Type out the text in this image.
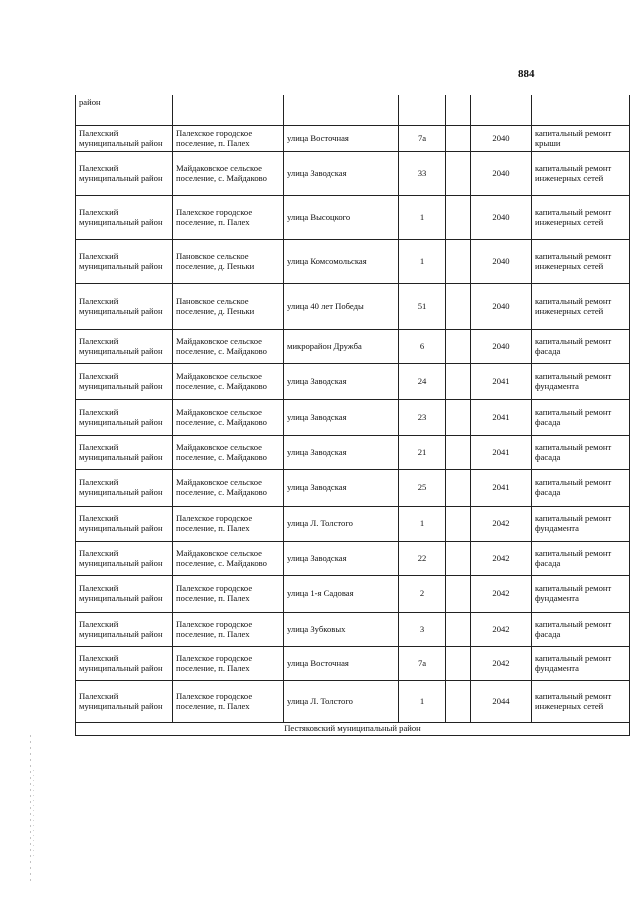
884
район						
Палехский муниципальный район	Палехское городское поселение, п. Палех	улица Восточная	7а		2040	капитальный ремонт крыши
Палехский муниципальный район	Майдаковское сельское поселение, с. Майдаково	улица Заводская	33		2040	капитальный ремонт инженерных сетей
Палехский муниципальный район	Палехское городское поселение, п. Палех	улица Высоцкого	1		2040	капитальный ремонт инженерных сетей
Палехский муниципальный район	Пановское сельское поселение, д. Пеньки	улица Комсомольская	1		2040	капитальный ремонт инженерных сетей
Палехский муниципальный район	Пановское сельское поселение, д. Пеньки	улица 40 лет Победы	51		2040	капитальный ремонт инженерных сетей
Палехский муниципальный район	Майдаковское сельское поселение, с. Майдаково	микрорайон Дружба	6		2040	капитальный ремонт фасада
Палехский муниципальный район	Майдаковское сельское поселение, с. Майдаково	улица Заводская	24		2041	капитальный ремонт фундамента
Палехский муниципальный район	Майдаковское сельское поселение, с. Майдаково	улица Заводская	23		2041	капитальный ремонт фасада
Палехский муниципальный район	Майдаковское сельское поселение, с. Майдаково	улица Заводская	21		2041	капитальный ремонт фасада
Палехский муниципальный район	Майдаковское сельское поселение, с. Майдаково	улица Заводская	25		2041	капитальный ремонт фасада
Палехский муниципальный район	Палехское городское поселение, п. Палех	улица Л. Толстого	1		2042	капитальный ремонт фундамента
Палехский муниципальный район	Майдаковское сельское поселение, с. Майдаково	улица Заводская	22		2042	капитальный ремонт фасада
Палехский муниципальный район	Палехское городское поселение, п. Палех	улица 1-я Садовая	2		2042	капитальный ремонт фундамента
Палехский муниципальный район	Палехское городское поселение, п. Палех	улица Зубковых	3		2042	капитальный ремонт фасада
Палехский муниципальный район	Палехское городское поселение, п. Палех	улица Восточная	7а		2042	капитальный ремонт фундамента
Палехский муниципальный район	Палехское городское поселение, п. Палех	улица Л. Толстого	1		2044	капитальный ремонт инженерных сетей
Пестяковский муниципальный район						
